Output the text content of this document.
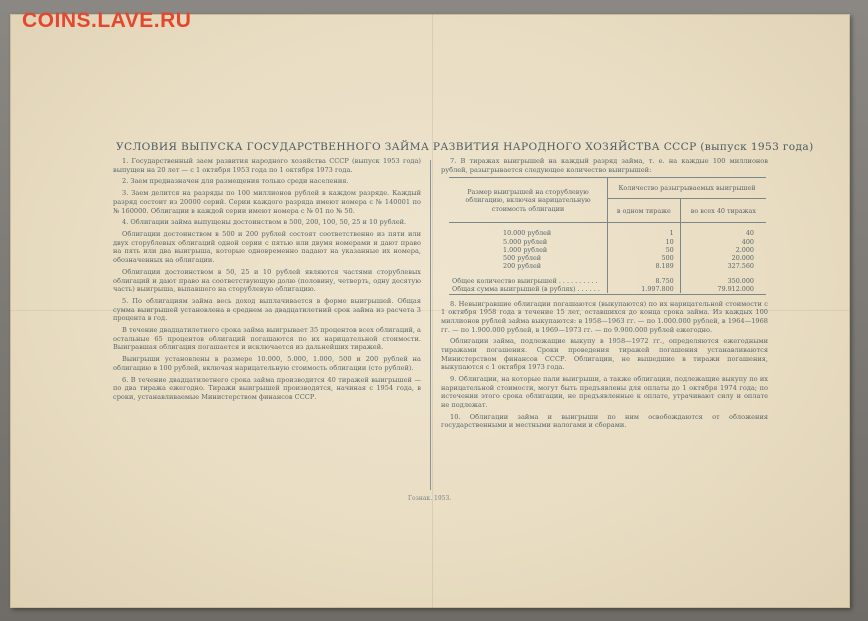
COINS.LAVE.RU
УСЛОВИЯ ВЫПУСКА ГОСУДАРСТВЕННОГО ЗАЙМА РАЗВИТИЯ НАРОДНОГО ХОЗЯЙСТВА СССР (выпуск 1953 года)

1. Государственный заем развития народного хозяйства СССР (выпуск 1953 года) выпущен на 20 лет — с 1 октября 1953 года по 1 октября 1973 года.

2. Заем предназначен для размещения только среди населения.

3. Заем делится на разряды по 100 миллионов рублей в каждом разряде. Каждый разряд состоит из 20000 серий. Серии каждого разряда имеют номера с № 140001 по № 160000. Облигации в каждой серии имеют номера с № 01 по № 50.

4. Облигации займа выпущены достоинством в 500, 200, 100, 50, 25 и 10 рублей.

Облигации достоинством в 500 и 200 рублей состоят соответственно из пяти или двух сторублевых облигаций одной серии с пятью или двумя номерами и дают право на пять или два выигрыша, которые одновременно падают на указанные их номера, обозначенных на облигации.

Облигации достоинством в 50, 25 и 10 рублей являются частями сторублевых облигаций и дают право на соответствующую долю (половину, четверть, одну десятую часть) выигрыша, выпавшего на сторублевую облигацию.

5. По облигациям займа весь доход выплачивается в форме выигрышей. Общая сумма выигрышей установлена в среднем за двадцатилетний срок займа из расчета 3 процента в год.

В течение двадцатилетнего срока займа выигрывает 35 процентов всех облигаций, а остальные 65 процентов облигаций погашаются по их нарицательной стоимости. Выигравшая облигация погашается и исключается из дальнейших тиражей.

Выигрыши установлены в размере 10.000, 5.000, 1.000, 500 и 200 рублей на облигацию в 100 рублей, включая нарицательную стоимость облигации (сто рублей).

6. В течение двадцатилетнего срока займа производится 40 тиражей выигрышей — по два тиража ежегодно. Тиражи выигрышей производятся, начиная с 1954 года, в сроки, устанавливаемые Министерством финансов СССР.

7. В тиражах выигрышей на каждый разряд займа, т. е. на каждые 100 миллионов рублей, разыгрывается следующее количество выигрышей:

Размер выигрышей на сторублевую облигацию, включая нарицательную стоимость облигации	Количество разыгрываемых выигрышей	
	в одном тираже	во всех 40 тиражах

10.000 рублей	1	40
5.000 рублей	10	400
1.000 рублей	50	2.000
500 рублей	500	20.000
200 рублей	8.189	327.560

Общее количество выигрышей . . . . . . . . . .	8.750	350.000
Общая сумма выигрышей (в рублях) . . . . . .	1.997.800	79.912.000

8. Невыигравшие облигации погашаются (выкупаются) по их нарицательной стоимости с 1 октября 1958 года в течение 15 лет, оставшихся до конца срока займа. Из каждых 100 миллионов рублей займа выкупаются: в 1958—1963 гг. — по 1.000.000 рублей, в 1964—1968 гг. — по 1.900.000 рублей, в 1969—1973 гг. — по 9.900.000 рублей ежегодно.

Облигации займа, подлежащие выкупу в 1958—1972 гг., определяются ежегодными тиражами погашения. Сроки проведения тиражей погашения устанавливаются Министерством финансов СССР. Облигации, не вышедшие в тиражи погашения, выкупаются с 1 октября 1973 года.

9. Облигации, на которые пали выигрыши, а также облигации, подлежащие выкупу по их нарицательной стоимости, могут быть предъявлены для оплаты до 1 октября 1974 года; по истечении этого срока облигации, не предъявленные к оплате, утрачивают силу и оплате не подлежат.

10. Облигации займа и выигрыши по ним освобождаются от обложения государственными и местными налогами и сборами.

Гознак. 1953.
